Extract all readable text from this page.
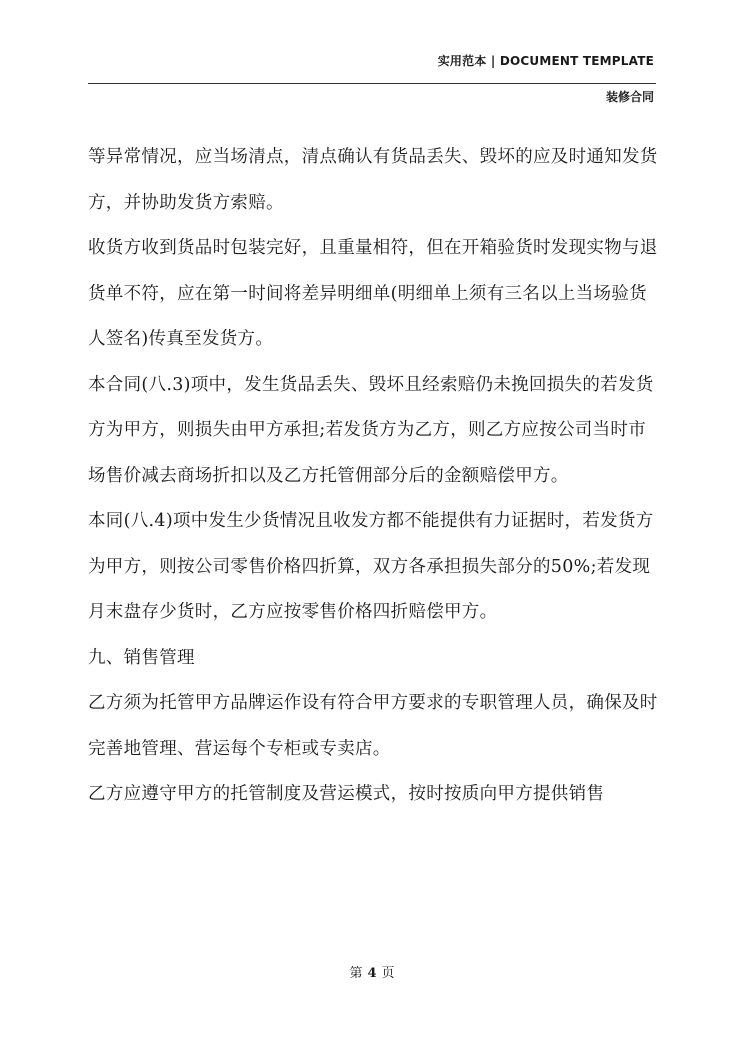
实用范本 | DOCUMENT TEMPLATE
装修合同

等异常情况，应当场清点，清点确认有货品丢失、毁坏的应及时通知发货方，并协助发货方索赔。

收货方收到货品时包装完好，且重量相符，但在开箱验货时发现实物与退货单不符，应在第一时间将差异明细单(明细单上须有三名以上当场验货人签名)传真至发货方。

本合同(八.3)项中，发生货品丢失、毁坏且经索赔仍未挽回损失的若发货方为甲方，则损失由甲方承担;若发货方为乙方，则乙方应按公司当时市场售价减去商场折扣以及乙方托管佣部分后的金额赔偿甲方。

本同(八.4)项中发生少货情况且收发方都不能提供有力证据时，若发货方为甲方，则按公司零售价格四折算，双方各承担损失部分的50%;若发现月末盘存少货时，乙方应按零售价格四折赔偿甲方。

九、销售管理

乙方须为托管甲方品牌运作设有符合甲方要求的专职管理人员，确保及时完善地管理、营运每个专柜或专卖店。

乙方应遵守甲方的托管制度及营运模式，按时按质向甲方提供销售

第 4 页
